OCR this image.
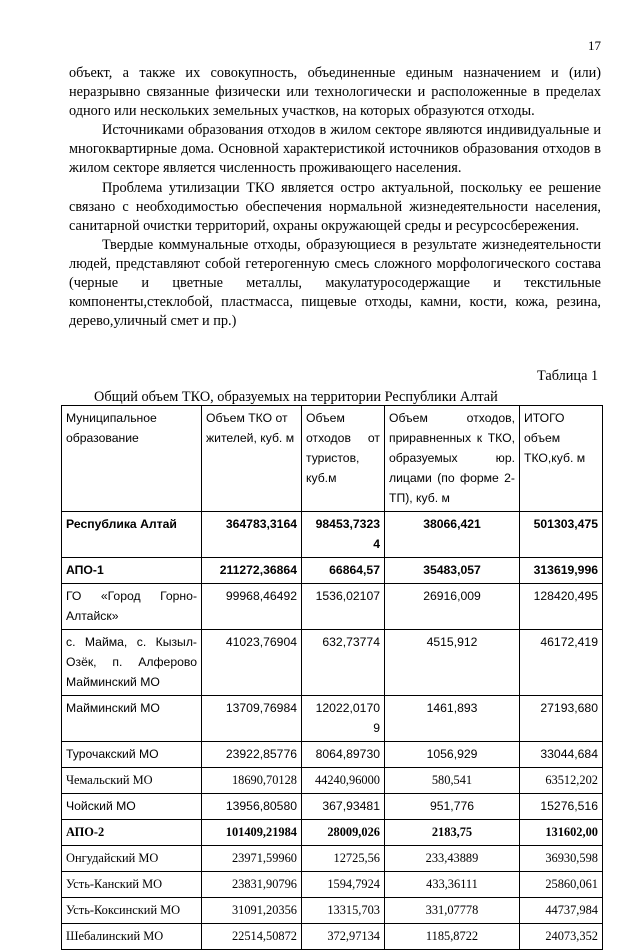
17

объект, а также их совокупность, объединенные единым назначением и (или) неразрывно связанные физически или технологически и расположенные в пределах одного или нескольких земельных участков, на которых образуются отходы.

Источниками образования отходов в жилом секторе являются индивидуальные и многоквартирные дома. Основной характеристикой источников образования отходов в жилом секторе является численность проживающего населения.

Проблема утилизации ТКО является остро актуальной, поскольку ее решение связано с необходимостью обеспечения нормальной жизнедеятельности населения, санитарной очистки территорий, охраны окружающей среды и ресурсосбережения.

Твердые коммунальные отходы, образующиеся в результате жизнедеятельности людей, представляют собой гетерогенную смесь сложного морфологического состава (черные и цветные металлы, макулатуросодержащие и текстильные компоненты,стеклобой, пластмасса, пищевые отходы, камни, кости, кожа, резина, дерево,уличный смет и пр.)

Таблица 1
Общий объем ТКО, образуемых на территории Республики Алтай
Муниципальное образование	Объем ТКО от жителей, куб. м	Объем отходов от туристов, куб.м	Объем отходов, приравненных к ТКО, образуемых юр. лицами (по форме 2-ТП), куб. м	ИТОГО объем ТКО,куб. м
Республика Алтай	364783,3164	98453,7323 4	38066,421	501303,475
АПО-1	211272,36864	66864,57	35483,057	313619,996
ГО «Город Горно-Алтайск»	99968,46492	1536,02107	26916,009	128420,495
с. Майма, с. Кызыл-Озёк, п. Алферово Майминский МО	41023,76904	632,73774	4515,912	46172,419
Майминский МО	13709,76984	12022,0170 9	1461,893	27193,680
Турочакский МО	23922,85776	8064,89730	1056,929	33044,684
Чемальский МО	18690,70128	44240,96000	580,541	63512,202
Чойский МО	13956,80580	367,93481	951,776	15276,516
АПО-2	101409,21984	28009,026	2183,75	131602,00
Онгудайский МО	23971,59960	12725,56	233,43889	36930,598
Усть-Канский МО	23831,90796	1594,7924	433,36111	25860,061
Усть-Коксинский МО	31091,20356	13315,703	331,07778	44737,984
Шебалинский МО	22514,50872	372,97134	1185,8722	24073,352
